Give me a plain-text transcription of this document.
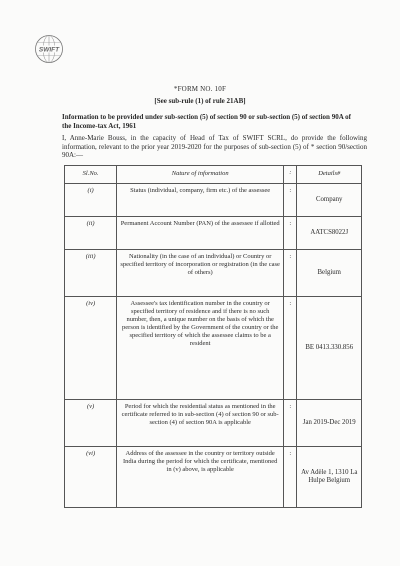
SWIFT
*FORM NO. 10F
[See sub-rule (1) of rule 21AB]
Information to be provided under sub-section (5) of section 90 or sub-section (5) of section 90A of the Income-tax Act, 1961
I, Anne-Marie Bouss, in the capacity of Head of Tax of SWIFT SCRL, do provide the following information, relevant to the prior year 2019-2020 for the purposes of sub-section (5) of * section 90/section 90A:—
Sl.No.	Nature of information	:	Details#
(i)	Status (individual, company, firm etc.) of the assessee	:	Company
(ii)	Permanent Account Number (PAN) of the assessee if allotted	:	AATCS8022J
(iii)	Nationality (in the case of an individual) or Country or specified territory of incorporation or registration (in the case of others)	:	Belgium
(iv)	Assessee's tax identification number in the country or specified territory of residence and if there is no such number, then, a unique number on the basis of which the person is identified by the Government of the country or the specified territory of which the assessee claims to be a resident	:	BE 0413.330.856
(v)	Period for which the residential status as mentioned in the certificate referred to in sub-section (4) of section 90 or sub-section (4) of section 90A is applicable	:	Jan 2019-Dec 2019
(vi)	Address of the assessee in the country or territory outside India during the period for which the certificate, mentioned in (v) above, is applicable	:	Av Adèle 1, 1310 La Hulpe Belgium
